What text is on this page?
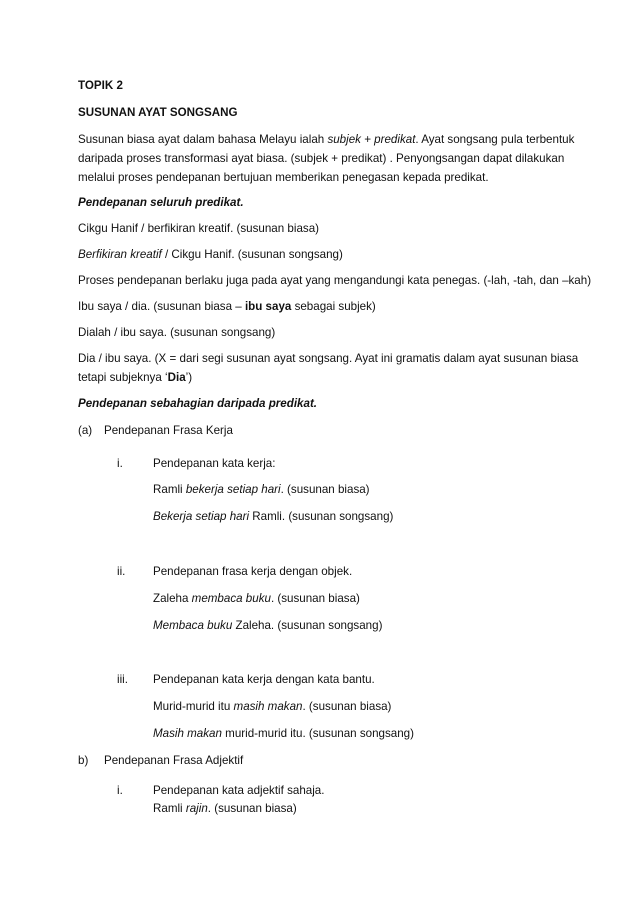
TOPIK 2
SUSUNAN AYAT SONGSANG
Susunan biasa ayat dalam bahasa Melayu ialah subjek + predikat. Ayat songsang pula terbentuk
daripada proses transformasi ayat biasa. (subjek + predikat) . Penyongsangan dapat dilakukan
melalui proses pendepanan bertujuan memberikan penegasan kepada predikat.
Pendepanan seluruh predikat.
Cikgu Hanif / berfikiran kreatif. (susunan biasa)
Berfikiran kreatif / Cikgu Hanif. (susunan songsang)
Proses pendepanan berlaku juga pada ayat yang mengandungi kata penegas. (-lah, -tah, dan –kah)
Ibu saya / dia. (susunan biasa – ibu saya sebagai subjek)
Dialah / ibu saya. (susunan songsang)
Dia / ibu saya. (X = dari segi susunan ayat songsang. Ayat ini gramatis dalam ayat susunan biasa
tetapi subjeknya ‘Dia’)
Pendepanan sebahagian daripada predikat.
(a) Pendepanan Frasa Kerja
i.	Pendepanan kata kerja:
Ramli bekerja setiap hari. (susunan biasa)
Bekerja setiap hari Ramli. (susunan songsang)
ii. Pendepanan frasa kerja dengan objek.
Zaleha membaca buku. (susunan biasa)
Membaca buku Zaleha. (susunan songsang)
iii. Pendepanan kata kerja dengan kata bantu.
Murid-murid itu masih makan. (susunan biasa)
Masih makan murid-murid itu. (susunan songsang)
b) Pendepanan Frasa Adjektif
i.	Pendepanan kata adjektif sahaja.
Ramli rajin. (susunan biasa)
